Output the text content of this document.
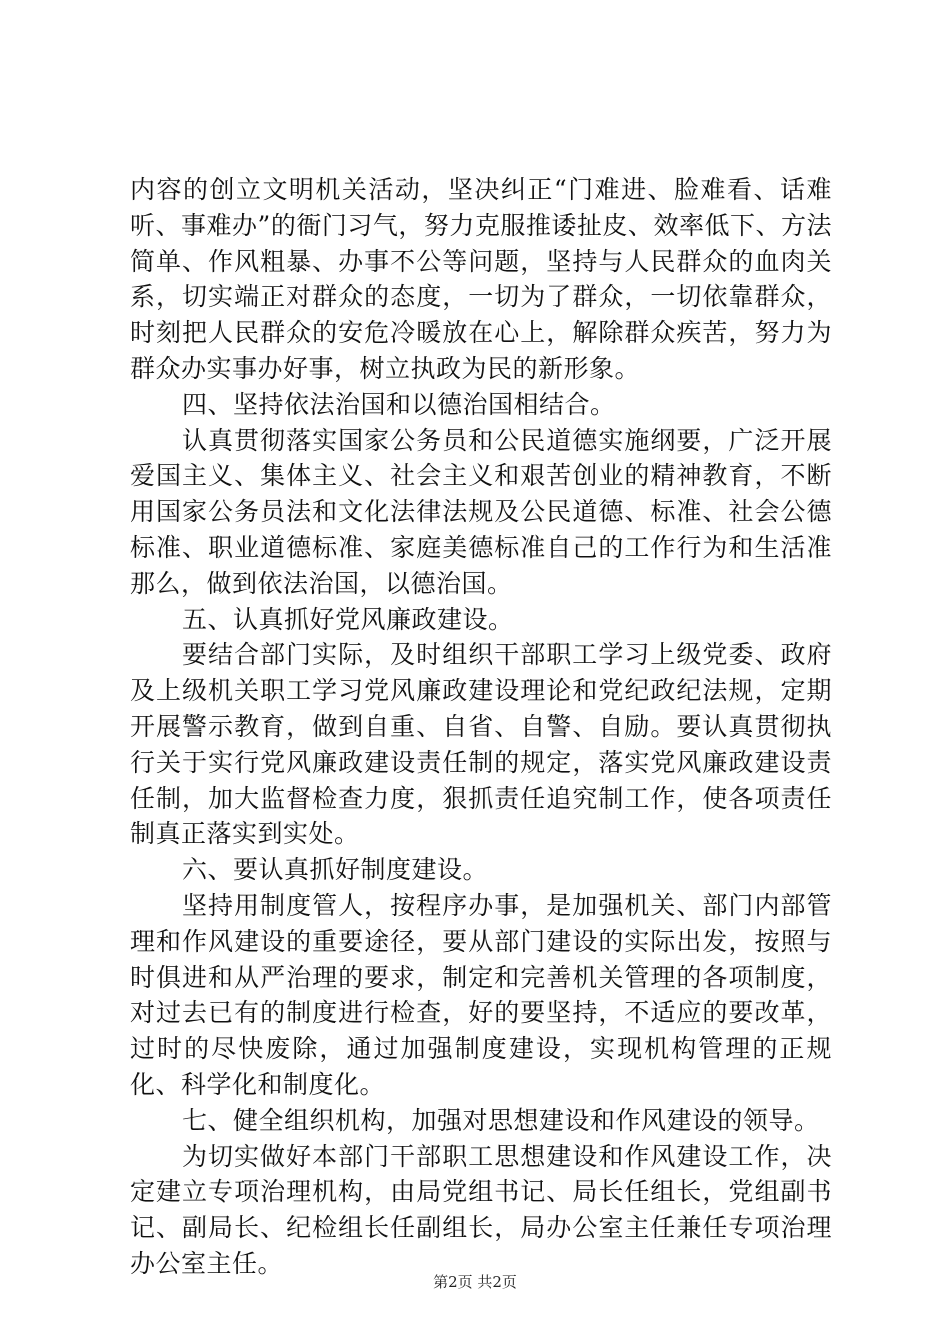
内容的创立文明机关活动，坚决纠正“门难进、脸难看、话难听、事难办”的衙门习气，努力克服推诿扯皮、效率低下、方法简单、作风粗暴、办事不公等问题，坚持与人民群众的血肉关系，切实端正对群众的态度，一切为了群众，一切依靠群众，时刻把人民群众的安危冷暖放在心上，解除群众疾苦，努力为群众办实事办好事，树立执政为民的新形象。

四、坚持依法治国和以德治国相结合。

认真贯彻落实国家公务员和公民道德实施纲要，广泛开展爱国主义、集体主义、社会主义和艰苦创业的精神教育，不断用国家公务员法和文化法律法规及公民道德、标准、社会公德标准、职业道德标准、家庭美德标准自己的工作行为和生活准那么，做到依法治国，以德治国。

五、认真抓好党风廉政建设。

要结合部门实际，及时组织干部职工学习上级党委、政府及上级机关职工学习党风廉政建设理论和党纪政纪法规，定期开展警示教育，做到自重、自省、自警、自励。要认真贯彻执行关于实行党风廉政建设责任制的规定，落实党风廉政建设责任制，加大监督检查力度，狠抓责任追究制工作，使各项责任制真正落实到实处。

六、要认真抓好制度建设。

坚持用制度管人，按程序办事，是加强机关、部门内部管理和作风建设的重要途径，要从部门建设的实际出发，按照与时俱进和从严治理的要求，制定和完善机关管理的各项制度，对过去已有的制度进行检查，好的要坚持，不适应的要改革，过时的尽快废除，通过加强制度建设，实现机构管理的正规化、科学化和制度化。

七、健全组织机构，加强对思想建设和作风建设的领导。

为切实做好本部门干部职工思想建设和作风建设工作，决定建立专项治理机构，由局党组书记、局长任组长，党组副书记、副局长、纪检组长任副组长，局办公室主任兼任专项治理办公室主任。

第2页 共2页
